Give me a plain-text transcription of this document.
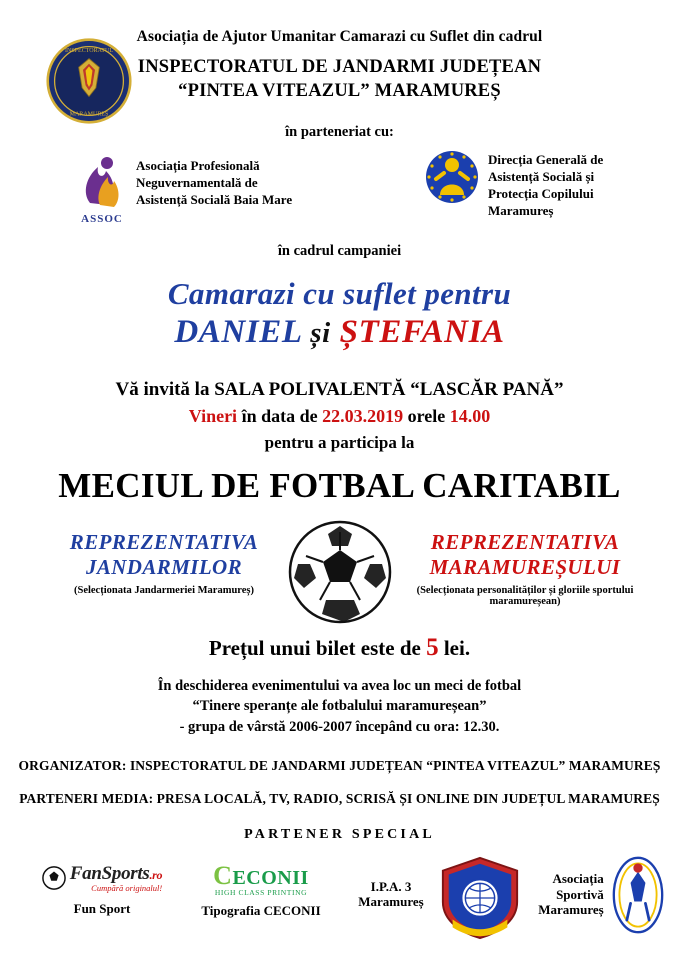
INSPECTORATUL
MARAMUREȘ
Asociația de Ajutor Umanitar Camarazi cu Suflet din cadrul
INSPECTORATUL DE JANDARMI JUDEȚEAN
“PINTEA VITEAZUL” MARAMUREȘ
în parteneriat cu:
ASSOC
Asociația Profesională
Neguvernamentală de
Asistență Socială Baia Mare
Direcția Generală de
Asistență Socială și
Protecția Copilului
Maramureș
în cadrul campaniei
Camarazi cu suflet pentru
DANIEL și ȘTEFANIA
Vă invită la SALA POLIVALENTĂ “LASCĂR PANĂ”
Vineri în data de 22.03.2019 orele 14.00
pentru a participa la
MECIUL DE FOTBAL CARITABIL
REPREZENTATIVA
JANDARMILOR
(Selecționata Jandarmeriei Maramureș)
REPREZENTATIVA
MARAMUREȘULUI
(Selecționata personalităților și gloriile sportului maramureșean)
Prețul unui bilet este de 5 lei.
În deschiderea evenimentului va avea loc un meci de fotbal
“Tinere speranțe ale fotbalului maramureșean”
- grupa de vârstă 2006-2007 începând cu ora: 12.30.
ORGANIZATOR: INSPECTORATUL DE JANDARMI JUDEȚEAN “PINTEA VITEAZUL” MARAMUREȘ
PARTENERI MEDIA: PRESA LOCALĂ, TV, RADIO, SCRISĂ ȘI ONLINE DIN JUDEȚUL MARAMUREȘ
PARTENER SPECIAL
FanSports.ro
Cumpără originalul!
Fun Sport
CECONII
HIGH CLASS PRINTING
Tipografia CECONII
I.P.A. 3
Maramureș
Asociația
Sportivă
Maramureș
